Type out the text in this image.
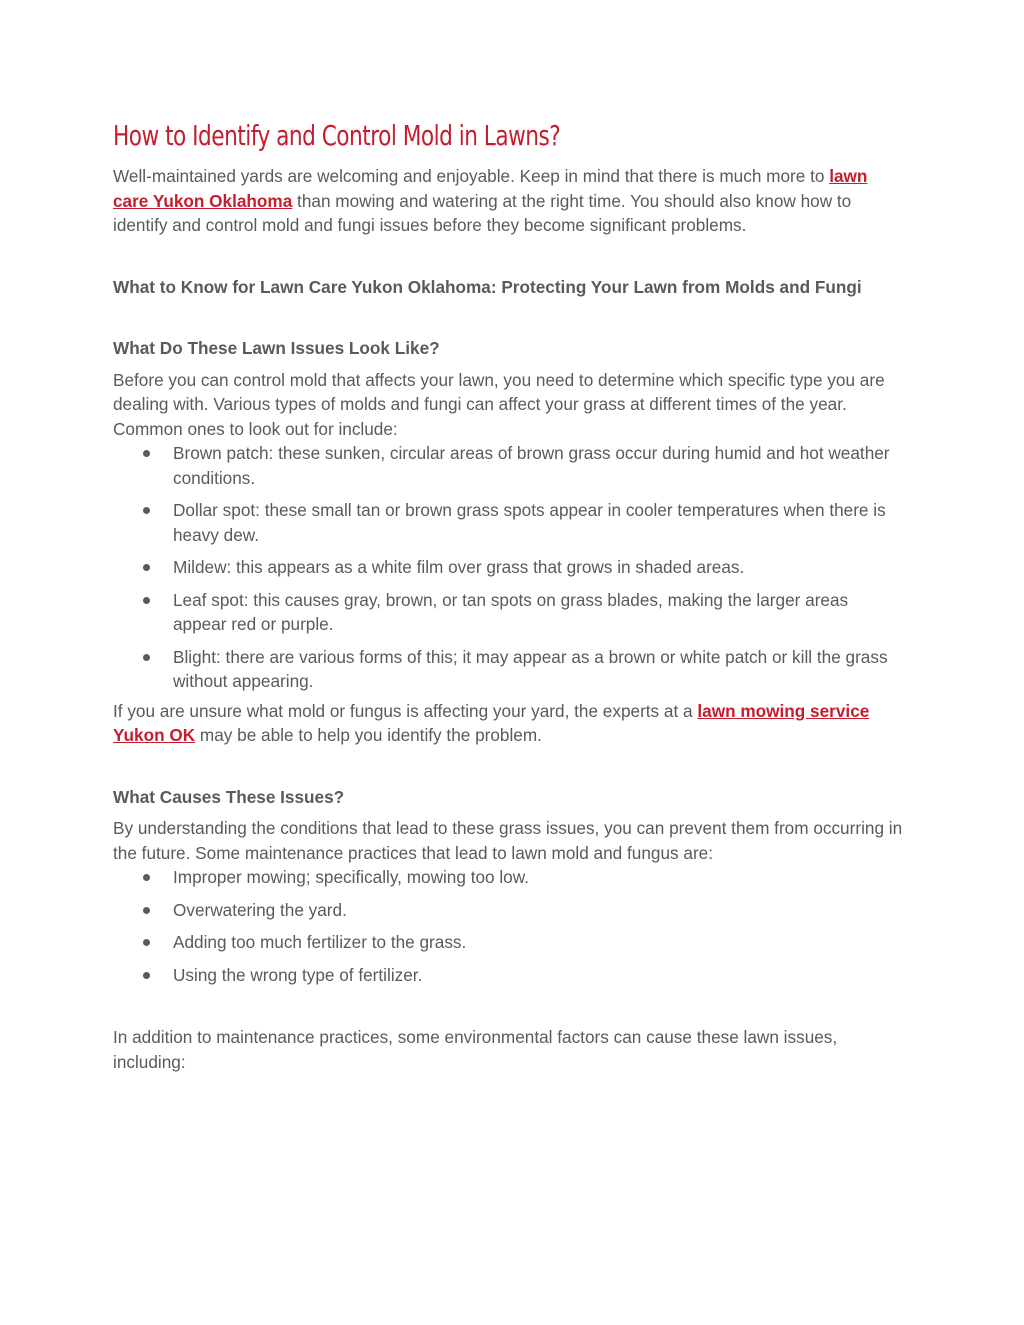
How to Identify and Control Mold in Lawns?

Well-maintained yards are welcoming and enjoyable. Keep in mind that there is much more to lawn care Yukon Oklahoma than mowing and watering at the right time. You should also know how to identify and control mold and fungi issues before they become significant problems.

What to Know for Lawn Care Yukon Oklahoma: Protecting Your Lawn from Molds and Fungi

What Do These Lawn Issues Look Like?

Before you can control mold that affects your lawn, you need to determine which specific type you are dealing with. Various types of molds and fungi can affect your grass at different times of the year. Common ones to look out for include:

Brown patch: these sunken, circular areas of brown grass occur during humid and hot weather conditions.
Dollar spot: these small tan or brown grass spots appear in cooler temperatures when there is heavy dew.
Mildew: this appears as a white film over grass that grows in shaded areas.
Leaf spot: this causes gray, brown, or tan spots on grass blades, making the larger areas appear red or purple.
Blight: there are various forms of this; it may appear as a brown or white patch or kill the grass without appearing.

If you are unsure what mold or fungus is affecting your yard, the experts at a lawn mowing service Yukon OK may be able to help you identify the problem.

What Causes These Issues?

By understanding the conditions that lead to these grass issues, you can prevent them from occurring in the future. Some maintenance practices that lead to lawn mold and fungus are:

Improper mowing; specifically, mowing too low.
Overwatering the yard.
Adding too much fertilizer to the grass.
Using the wrong type of fertilizer.

In addition to maintenance practices, some environmental factors can cause these lawn issues, including:
